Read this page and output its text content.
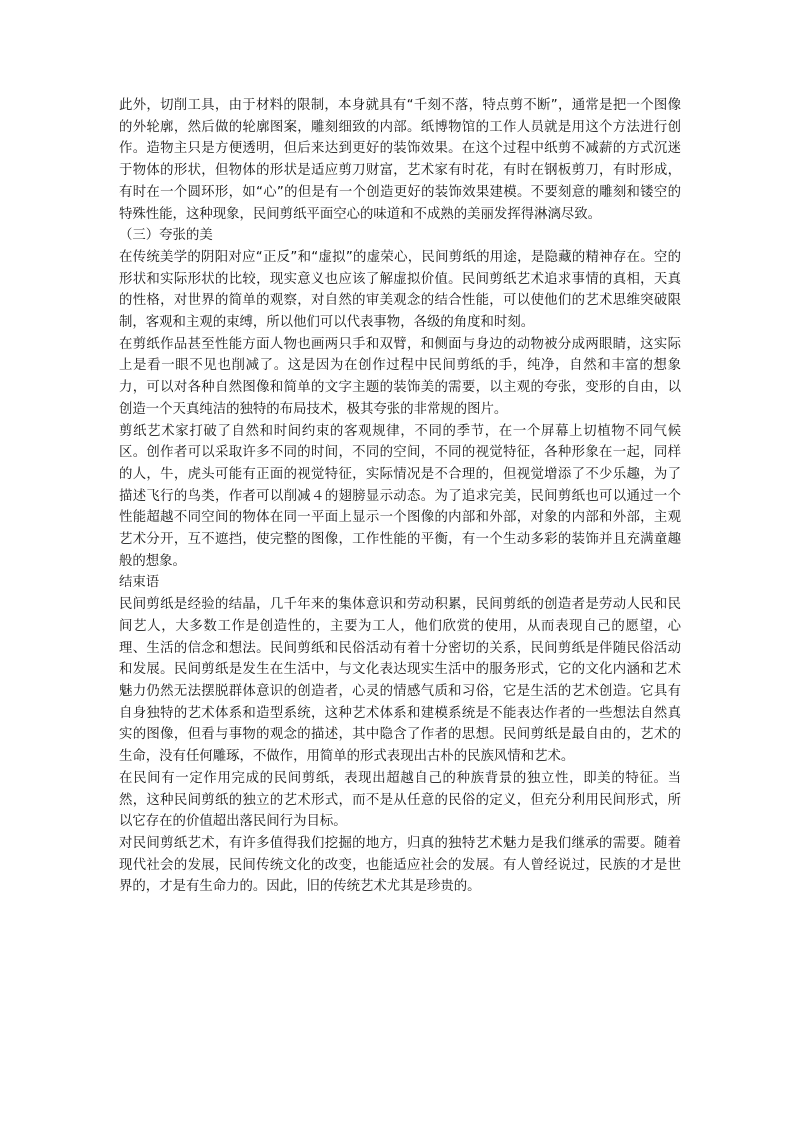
此外，切削工具，由于材料的限制，本身就具有“千刻不落，特点剪不断”，通常是把一个图像的外轮廓，然后做的轮廓图案，雕刻细致的内部。纸博物馆的工作人员就是用这个方法进行创作。造物主只是方便透明，但后来达到更好的装饰效果。在这个过程中纸剪不减薪的方式沉迷于物体的形状，但物体的形状是适应剪刀财富，艺术家有时花，有时在钢板剪刀，有时形成，有时在一个圆环形，如“心”的但是有一个创造更好的装饰效果建模。不要刻意的雕刻和镂空的特殊性能，这种现象，民间剪纸平面空心的味道和不成熟的美丽发挥得淋漓尽致。

（三）夸张的美

在传统美学的阴阳对应“正反”和“虚拟”的虚荣心，民间剪纸的用途，是隐藏的精神存在。空的形状和实际形状的比较，现实意义也应该了解虚拟价值。民间剪纸艺术追求事情的真相，天真的性格，对世界的简单的观察，对自然的审美观念的结合性能，可以使他们的艺术思维突破限制，客观和主观的束缚，所以他们可以代表事物，各级的角度和时刻。

在剪纸作品甚至性能方面人物也画两只手和双臂，和侧面与身边的动物被分成两眼睛，这实际上是看一眼不见也削减了。这是因为在创作过程中民间剪纸的手，纯净，自然和丰富的想象力，可以对各种自然图像和简单的文字主题的装饰美的需要，以主观的夸张，变形的自由，以创造一个天真纯洁的独特的布局技术，极其夸张的非常规的图片。

剪纸艺术家打破了自然和时间约束的客观规律，不同的季节，在一个屏幕上切植物不同气候区。创作者可以采取许多不同的时间，不同的空间，不同的视觉特征，各种形象在一起，同样的人，牛，虎头可能有正面的视觉特征，实际情况是不合理的，但视觉增添了不少乐趣，为了描述飞行的鸟类，作者可以削减４的翅膀显示动态。为了追求完美，民间剪纸也可以通过一个性能超越不同空间的物体在同一平面上显示一个图像的内部和外部，对象的内部和外部，主观艺术分开，互不遮挡，使完整的图像，工作性能的平衡，有一个生动多彩的装饰并且充满童趣般的想象。

结束语

民间剪纸是经验的结晶，几千年来的集体意识和劳动积累，民间剪纸的创造者是劳动人民和民间艺人，大多数工作是创造性的，主要为工人，他们欣赏的使用，从而表现自己的愿望，心理、生活的信念和想法。民间剪纸和民俗活动有着十分密切的关系，民间剪纸是伴随民俗活动和发展。民间剪纸是发生在生活中，与文化表达现实生活中的服务形式，它的文化内涵和艺术魅力仍然无法摆脱群体意识的创造者，心灵的情感气质和习俗，它是生活的艺术创造。它具有自身独特的艺术体系和造型系统，这种艺术体系和建模系统是不能表达作者的一些想法自然真实的图像，但看与事物的观念的描述，其中隐含了作者的思想。民间剪纸是最自由的，艺术的生命，没有任何雕琢，不做作，用简单的形式表现出古朴的民族风情和艺术。

在民间有一定作用完成的民间剪纸，表现出超越自己的种族背景的独立性，即美的特征。当然，这种民间剪纸的独立的艺术形式，而不是从任意的民俗的定义，但充分利用民间形式，所以它存在的价值超出落民间行为目标。

对民间剪纸艺术，有许多值得我们挖掘的地方，归真的独特艺术魅力是我们继承的需要。随着现代社会的发展，民间传统文化的改变，也能适应社会的发展。有人曾经说过，民族的才是世界的，才是有生命力的。因此，旧的传统艺术尤其是珍贵的。
